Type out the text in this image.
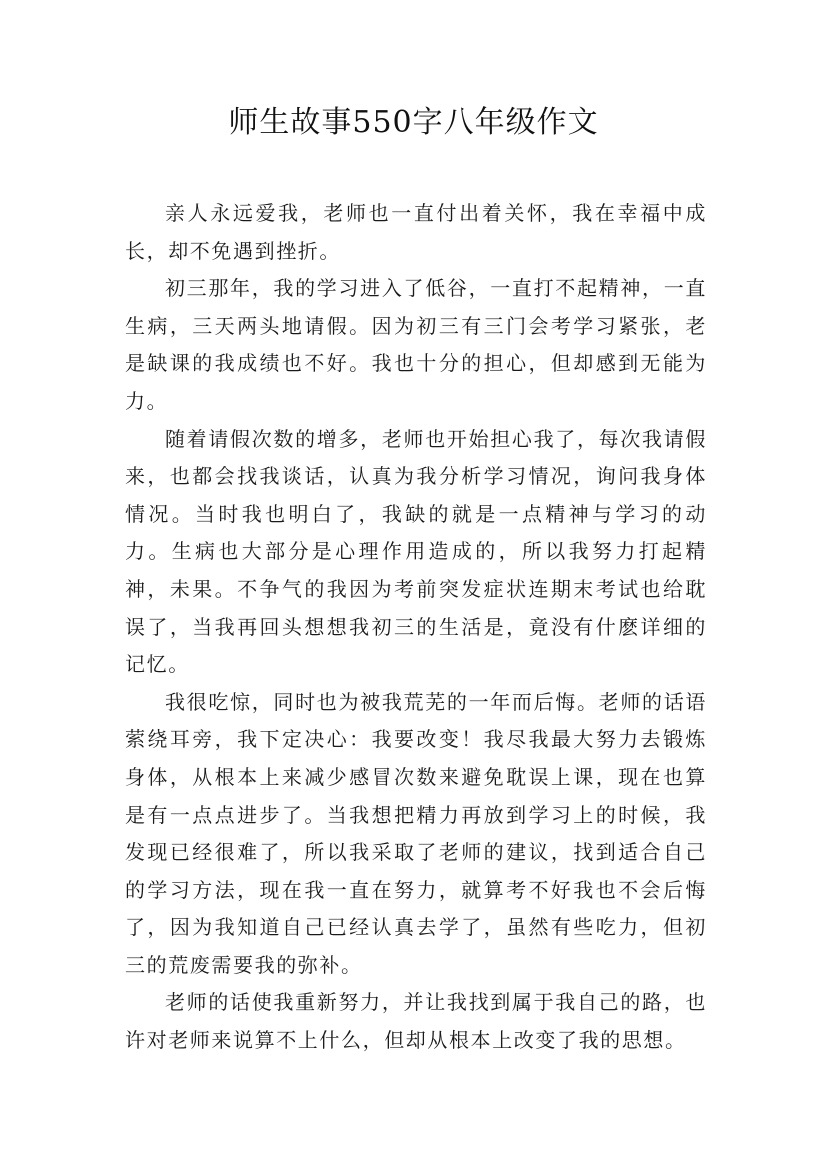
师生故事550字八年级作文

亲人永远爱我，老师也一直付出着关怀，我在幸福中成长，却不免遇到挫折。

初三那年，我的学习进入了低谷，一直打不起精神，一直生病，三天两头地请假。因为初三有三门会考学习紧张，老是缺课的我成绩也不好。我也十分的担心，但却感到无能为力。

随着请假次数的增多，老师也开始担心我了，每次我请假来，也都会找我谈话，认真为我分析学习情况，询问我身体情况。当时我也明白了，我缺的就是一点精神与学习的动力。生病也大部分是心理作用造成的，所以我努力打起精神，未果。不争气的我因为考前突发症状连期末考试也给耽误了，当我再回头想想我初三的生活是，竟没有什麽详细的记忆。

我很吃惊，同时也为被我荒芜的一年而后悔。老师的话语萦绕耳旁，我下定决心：我要改变！我尽我最大努力去锻炼身体，从根本上来减少感冒次数来避免耽误上课，现在也算是有一点点进步了。当我想把精力再放到学习上的时候，我发现已经很难了，所以我采取了老师的建议，找到适合自己的学习方法，现在我一直在努力，就算考不好我也不会后悔了，因为我知道自己已经认真去学了，虽然有些吃力，但初三的荒废需要我的弥补。

老师的话使我重新努力，并让我找到属于我自己的路，也许对老师来说算不上什么，但却从根本上改变了我的思想。
